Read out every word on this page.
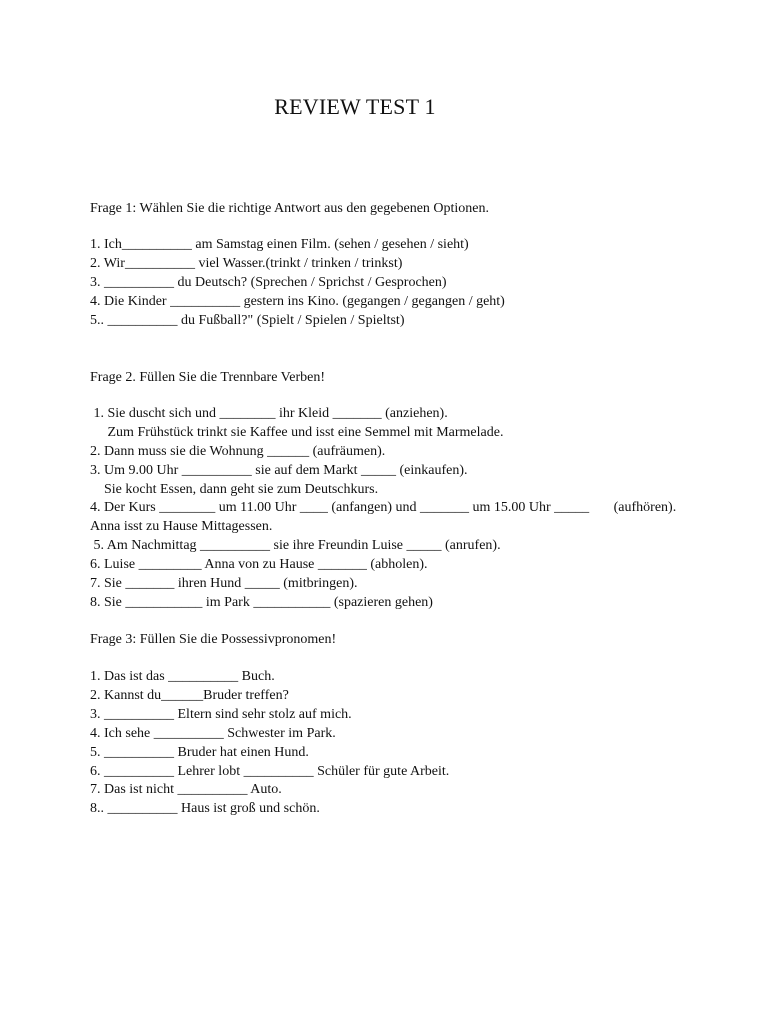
REVIEW TEST 1

Frage 1: Wählen Sie die richtige Antwort aus den gegebenen Optionen.

1. Ich__________ am Samstag einen Film. (sehen / gesehen / sieht)

2. Wir__________ viel Wasser.(trinkt / trinken / trinkst)

3. __________ du Deutsch? (Sprechen / Sprichst / Gesprochen)

4. Die Kinder __________ gestern ins Kino. (gegangen / gegangen / geht)

5.. __________ du Fußball?" (Spielt / Spielen / Spieltst)

Frage 2. Füllen Sie die Trennbare Verben!

1. Sie duscht sich und ________ ihr Kleid _______ (anziehen).

Zum Frühstück trinkt sie Kaffee und isst eine Semmel mit Marmelade.

2. Dann muss sie die Wohnung ______ (aufräumen).

3. Um 9.00 Uhr __________ sie auf dem Markt _____ (einkaufen).

Sie kocht Essen, dann geht sie zum Deutschkurs.

4. Der Kurs ________ um 11.00 Uhr ____ (anfangen) und _______ um 15.00 Uhr _____       (aufhören).

Anna isst zu Hause Mittagessen.

5. Am Nachmittag __________ sie ihre Freundin Luise _____ (anrufen).

6. Luise _________ Anna von zu Hause _______ (abholen).

7. Sie _______ ihren Hund _____ (mitbringen).

8. Sie ___________ im Park ___________ (spazieren gehen)

Frage 3: Füllen Sie die Possessivpronomen!

1. Das ist das __________ Buch.

2. Kannst du______Bruder treffen?

3. __________ Eltern sind sehr stolz auf mich.

4. Ich sehe __________ Schwester im Park.

5. __________ Bruder hat einen Hund.

6. __________ Lehrer lobt __________ Schüler für gute Arbeit.

7. Das ist nicht __________ Auto.

8.. __________ Haus ist groß und schön.
